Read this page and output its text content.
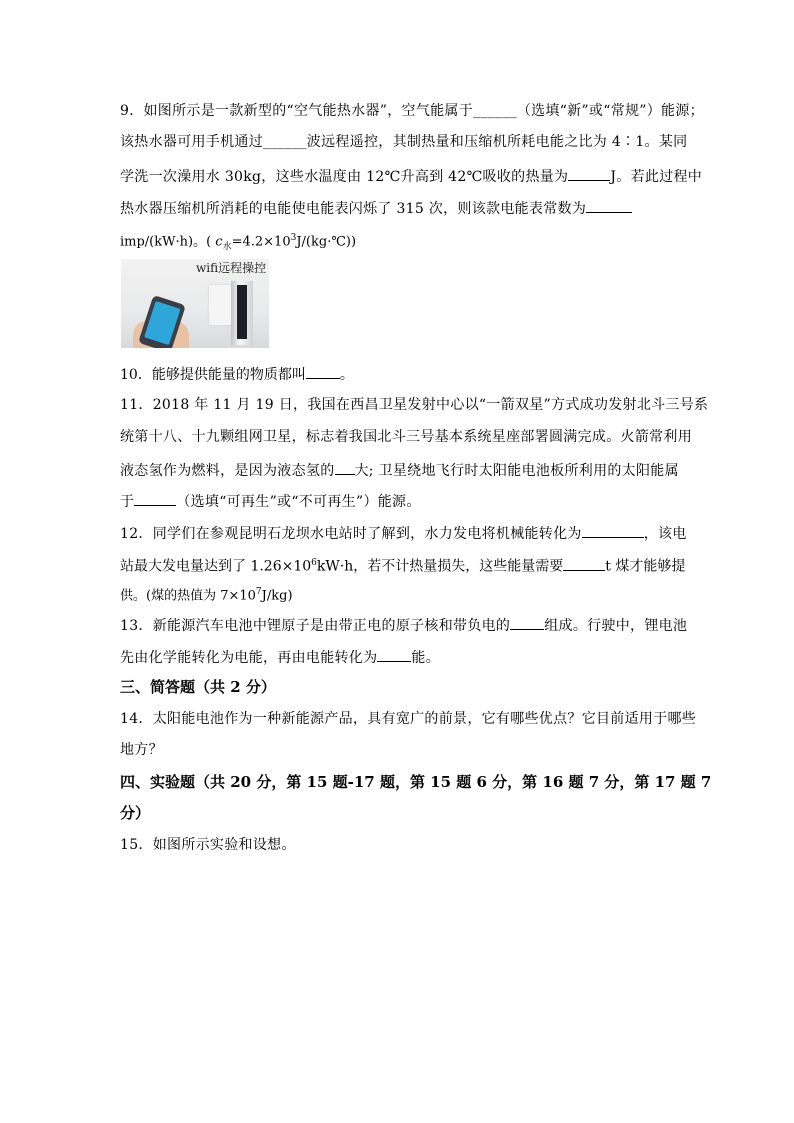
9．如图所示是一款新型的“空气能热水器”，空气能属于______（选填“新”或“常规”）能源；
该热水器可用手机通过______波远程遥控，其制热量和压缩机所耗电能之比为 4∶1。某同
学洗一次澡用水 30kg，这些水温度由 12℃升高到 42℃吸收的热量为	J。若此过程中
热水器压缩机所消耗的电能使电能表闪烁了 315 次，则该款电能表常数为
imp/(kW·h)。( $c_水=4.2\times 10^3J/(kg\cdot℃)$)
wifi远程操控
10．能够提供能量的物质都叫 。
11．2018 年 11 月 19 日，我国在西昌卫星发射中心以“一箭双星”方式成功发射北斗三号系
统第十八、十九颗组网卫星，标志着我国北斗三号基本系统星座部署圆满完成。火箭常利用
液态氢作为燃料，是因为液态氢的 大; 卫星绕地飞行时太阳能电池板所利用的太阳能属
于	（选填“可再生”或“不可再生”）能源。
12．同学们在参观昆明石龙坝水电站时了解到，水力发电将机械能转化为	，该电
站最大发电量达到了 $1.26\times 10^6kW\cdot h$，若不计热量损失，这些能量需要	t 煤才能够提
供。(煤的热值为 $7\times 10^7J/kg$)
13．新能源汽车电池中锂原子是由带正电的原子核和带负电的 组成。行驶中，锂电池
先由化学能转化为电能，再由电能转化为 能。
三、简答题（共 2 分）
14．太阳能电池作为一种新能源产品，具有宽广的前景，它有哪些优点？它目前适用于哪些
地方？
四、实验题（共 20 分，第 15 题-17 题，第 15 题 6 分，第 16 题 7 分，第 17 题 7
分）
15．如图所示实验和设想。
